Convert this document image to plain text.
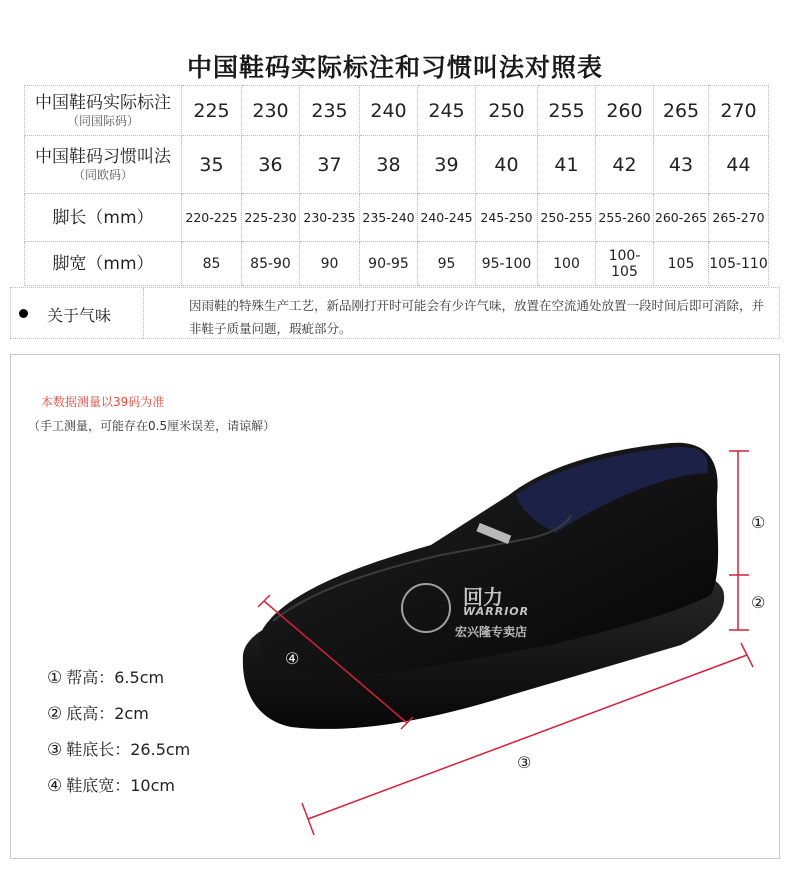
中国鞋码实际标注和习惯叫法对照表
中国鞋码实际标注
（同国际码）	225	230	235	240	245	250	255	260	265	270
中国鞋码习惯叫法
（同欧码）	35	36	37	38	39	40	41	42	43	44
脚长（mm）	220-225	225-230	230-235	235-240	240-245	245-250	250-255	255-260	260-265	265-270
脚宽（mm）	85	85-90	90	90-95	95	95-100	100	100-105	105	105-110
关于气味
因雨鞋的特殊生产工艺，新品刚打开时可能会有少许气味，放置在空流通处放置一段时间后即可消除，并非鞋子质量问题，瑕疵部分。
本数据测量以39码为准
（手工测量，可能存在0.5厘米误差，请谅解）
①
②
③
④
回力
WARRIOR
宏兴隆专卖店
① 帮高：6.5cm
② 底高：2cm
③ 鞋底长：26.5cm
④ 鞋底宽：10cm
